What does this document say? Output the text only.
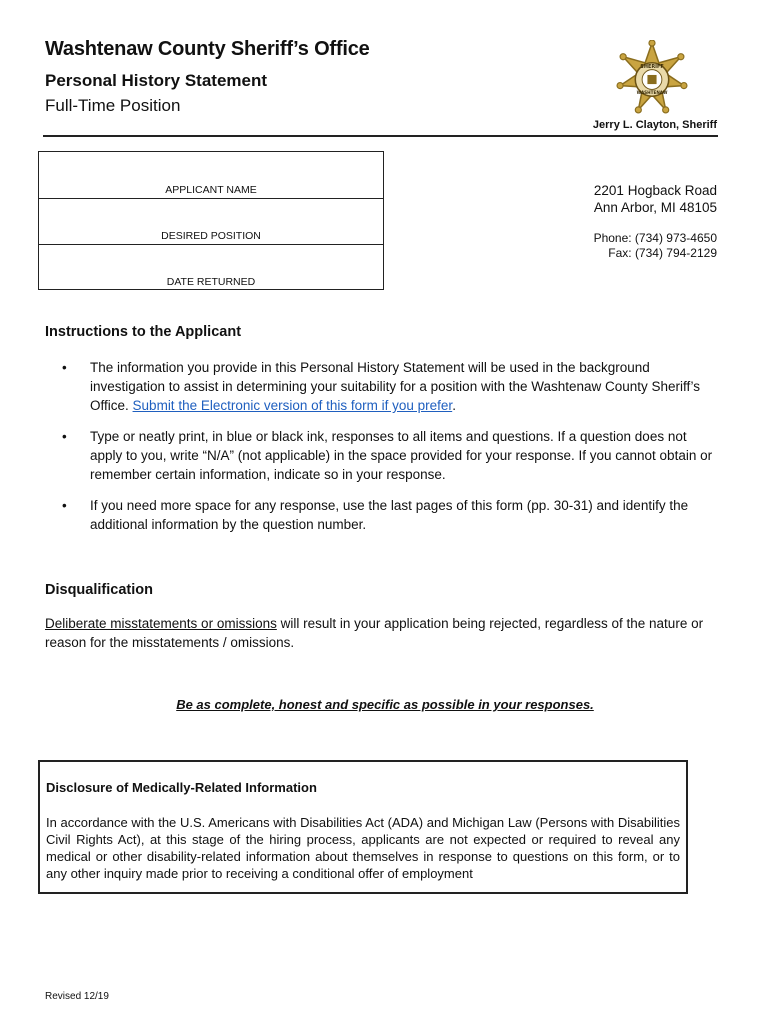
Washtenaw County Sheriff’s Office
Personal History Statement
Full-Time Position
SHERIFF
WASHTENAW
Jerry L. Clayton, Sheriff
APPLICANT NAME
DESIRED POSITION
DATE RETURNED
2201 Hogback Road
Ann Arbor, MI 48105
Phone: (734) 973-4650
Fax: (734) 794-2129
Instructions to the Applicant
• The information you provide in this Personal History Statement will be used in the background investigation to assist in determining your suitability for a position with the Washtenaw County Sheriff’s Office. Submit the Electronic version of this form if you prefer.
• Type or neatly print, in blue or black ink, responses to all items and questions. If a question does not apply to you, write “N/A” (not applicable) in the space provided for your response. If you cannot obtain or remember certain information, indicate so in your response.
• If you need more space for any response, use the last pages of this form (pp. 30-31) and identify the additional information by the question number.
Disqualification
Deliberate misstatements or omissions will result in your application being rejected, regardless of the nature or reason for the misstatements / omissions.
Be as complete, honest and specific as possible in your responses.
Disclosure of Medically-Related Information
In accordance with the U.S. Americans with Disabilities Act (ADA) and Michigan Law (Persons with Disabilities Civil Rights Act), at this stage of the hiring process, applicants are not expected or required to reveal any medical or other disability-related information about themselves in response to questions on this form, or to any other inquiry made prior to receiving a conditional offer of employment
Revised 12/19
